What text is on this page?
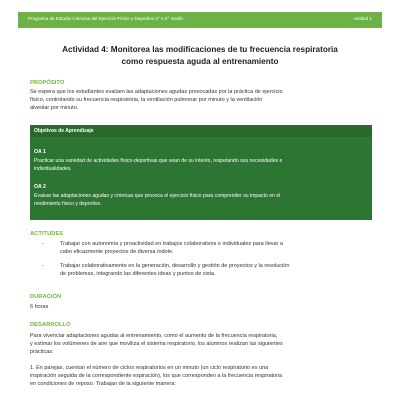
Programa de Estudio Ciencias del Ejercicio Físico y Deportivo 3° o 4° medio	Unidad 1
Actividad 4: Monitorea las modificaciones de tu frecuencia respiratoria
como respuesta aguda al entrenamiento
PROPÓSITO
Se espera que los estudiantes evalúen las adaptaciones agudas provocadas por la práctica de ejercicio
físico, controlando su frecuencia respiratoria, la ventilación pulmonar por minuto y la ventilación
alveolar por minuto.
Objetivos de Aprendizaje
OA 1
Practicar una variedad de actividades físico-deportivas que sean de su interés, respetando sus necesidades e
individualidades.
OA 2
Evaluar las adaptaciones agudas y crónicas que provoca el ejercicio físico para comprender su impacto en el
rendimiento físico y deportivo.
ACTITUDES
-	Trabajar con autonomía y proactividad en trabajos colaborativos e individuales para llevar a
cabo eficazmente proyectos de diversa índole.
-	Trabajar colaborativamente en la generación, desarrollo y gestión de proyectos y la resolución
de problemas, integrando las diferentes ideas y puntos de vista.
DURACIÓN
6 horas
DESARROLLO
Para vivenciar adaptaciones agudas al entrenamiento, como el aumento de la frecuencia respiratoria,
y estimar los volúmenes de aire que moviliza el sistema respiratorio, los alumnos realizan las siguientes
prácticas:
1. En parejas, cuentan el número de ciclos respiratorios en un minuto (un ciclo respiratorio es una
inspiración seguida de la correspondiente espiración), los que corresponden a la frecuencia respiratoria
en condiciones de reposo. Trabajan de la siguiente manera:
